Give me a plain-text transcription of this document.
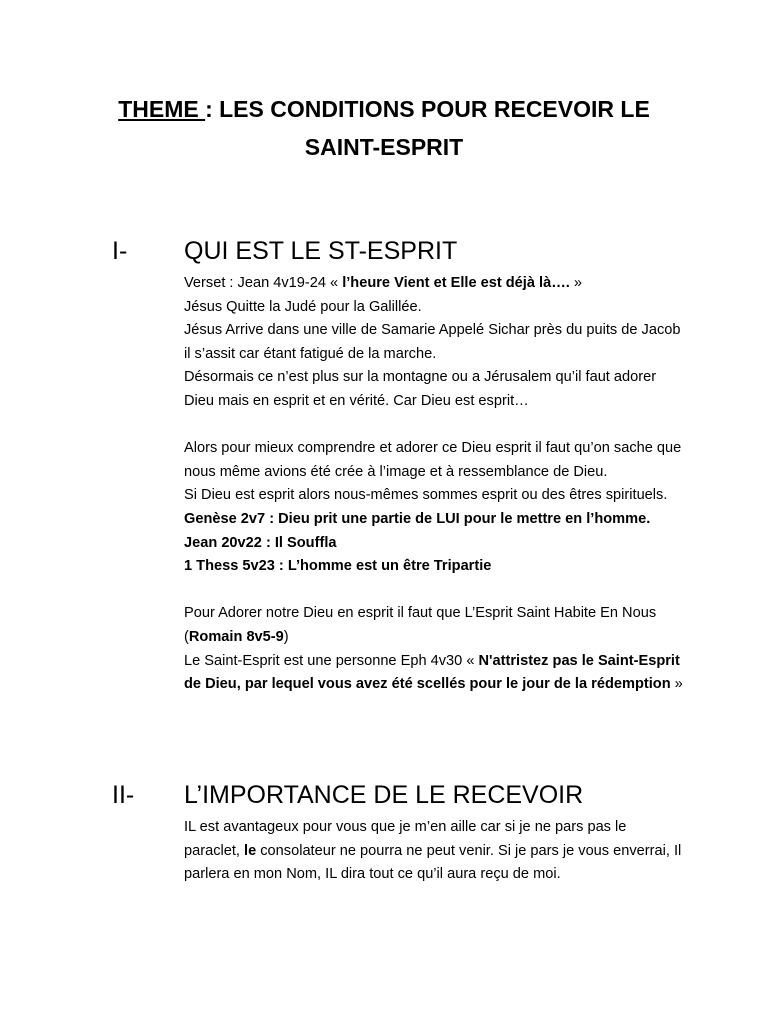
THEME : LES CONDITIONS POUR RECEVOIR LE
SAINT-ESPRIT
I- QUI EST LE ST-ESPRIT

Verset : Jean 4v19-24 « l’heure Vient et Elle est déjà là…. »

Jésus Quitte la Judé pour la Galillée.

Jésus Arrive dans une ville de Samarie Appelé Sichar près du puits de Jacob il s’assit car étant fatigué de la marche.

Désormais ce n’est plus sur la montagne ou a Jérusalem qu’il faut adorer Dieu mais en esprit et en vérité. Car Dieu est esprit…

Alors pour mieux comprendre et adorer ce Dieu esprit il faut qu’on sache que nous même avions été crée à l’image et à ressemblance de Dieu.

Si Dieu est esprit alors nous-mêmes sommes esprit ou des êtres spirituels. Genèse 2v7 : Dieu prit une partie de LUI pour le mettre en l’homme. Jean 20v22 : Il Souffla

1 Thess 5v23 : L’homme est un être Tripartie

Pour Adorer notre Dieu en esprit il faut que L’Esprit Saint Habite En Nous (Romain 8v5-9)

Le Saint-Esprit est une personne Eph 4v30 « N'attristez pas le Saint-Esprit de Dieu, par lequel vous avez été scellés pour le jour de la rédemption »

II- L’IMPORTANCE DE LE RECEVOIR

IL est avantageux pour vous que je m’en aille car si je ne pars pas le paraclet, le consolateur ne pourra ne peut venir. Si je pars je vous enverrai, Il parlera en mon Nom, IL dira tout ce qu’il aura reçu de moi.
